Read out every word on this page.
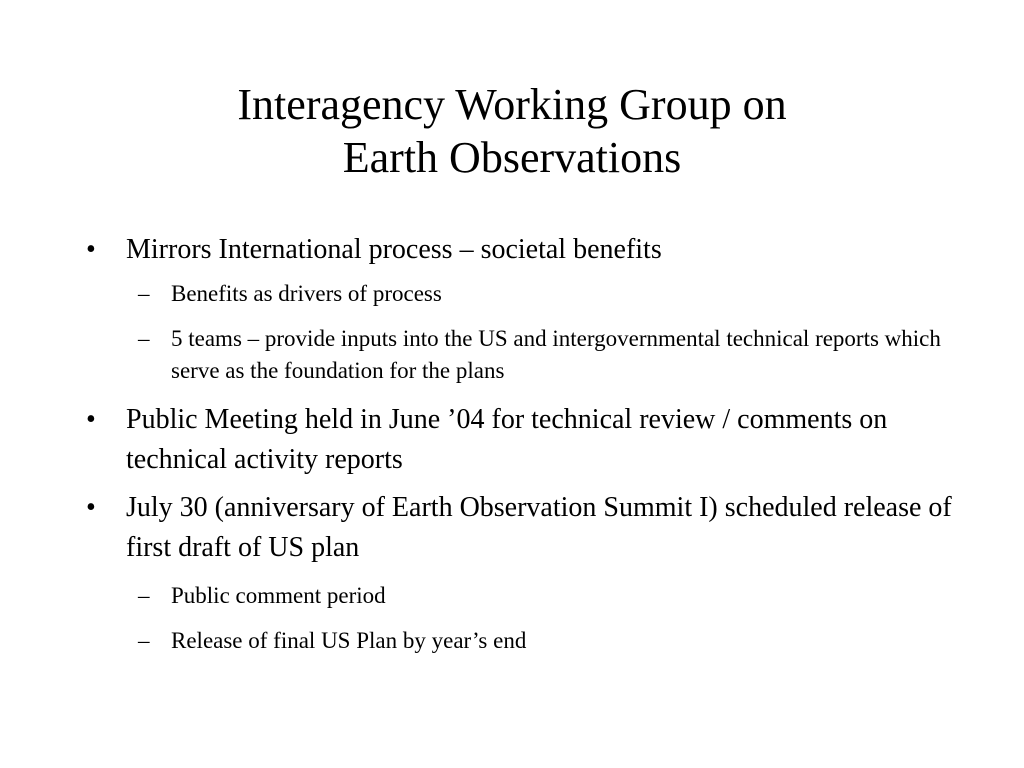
Interagency Working Group on
Earth Observations
•	Mirrors International process – societal benefits
– Benefits as drivers of process
– 5 teams – provide inputs into the US and intergovernmental technical reports which serve as the foundation for the plans
•	Public Meeting held in June ’04 for technical review / comments on technical activity reports
•	July 30 (anniversary of Earth Observation Summit I) scheduled release of first draft of US plan
– Public comment period
– Release of final US Plan by year’s end
